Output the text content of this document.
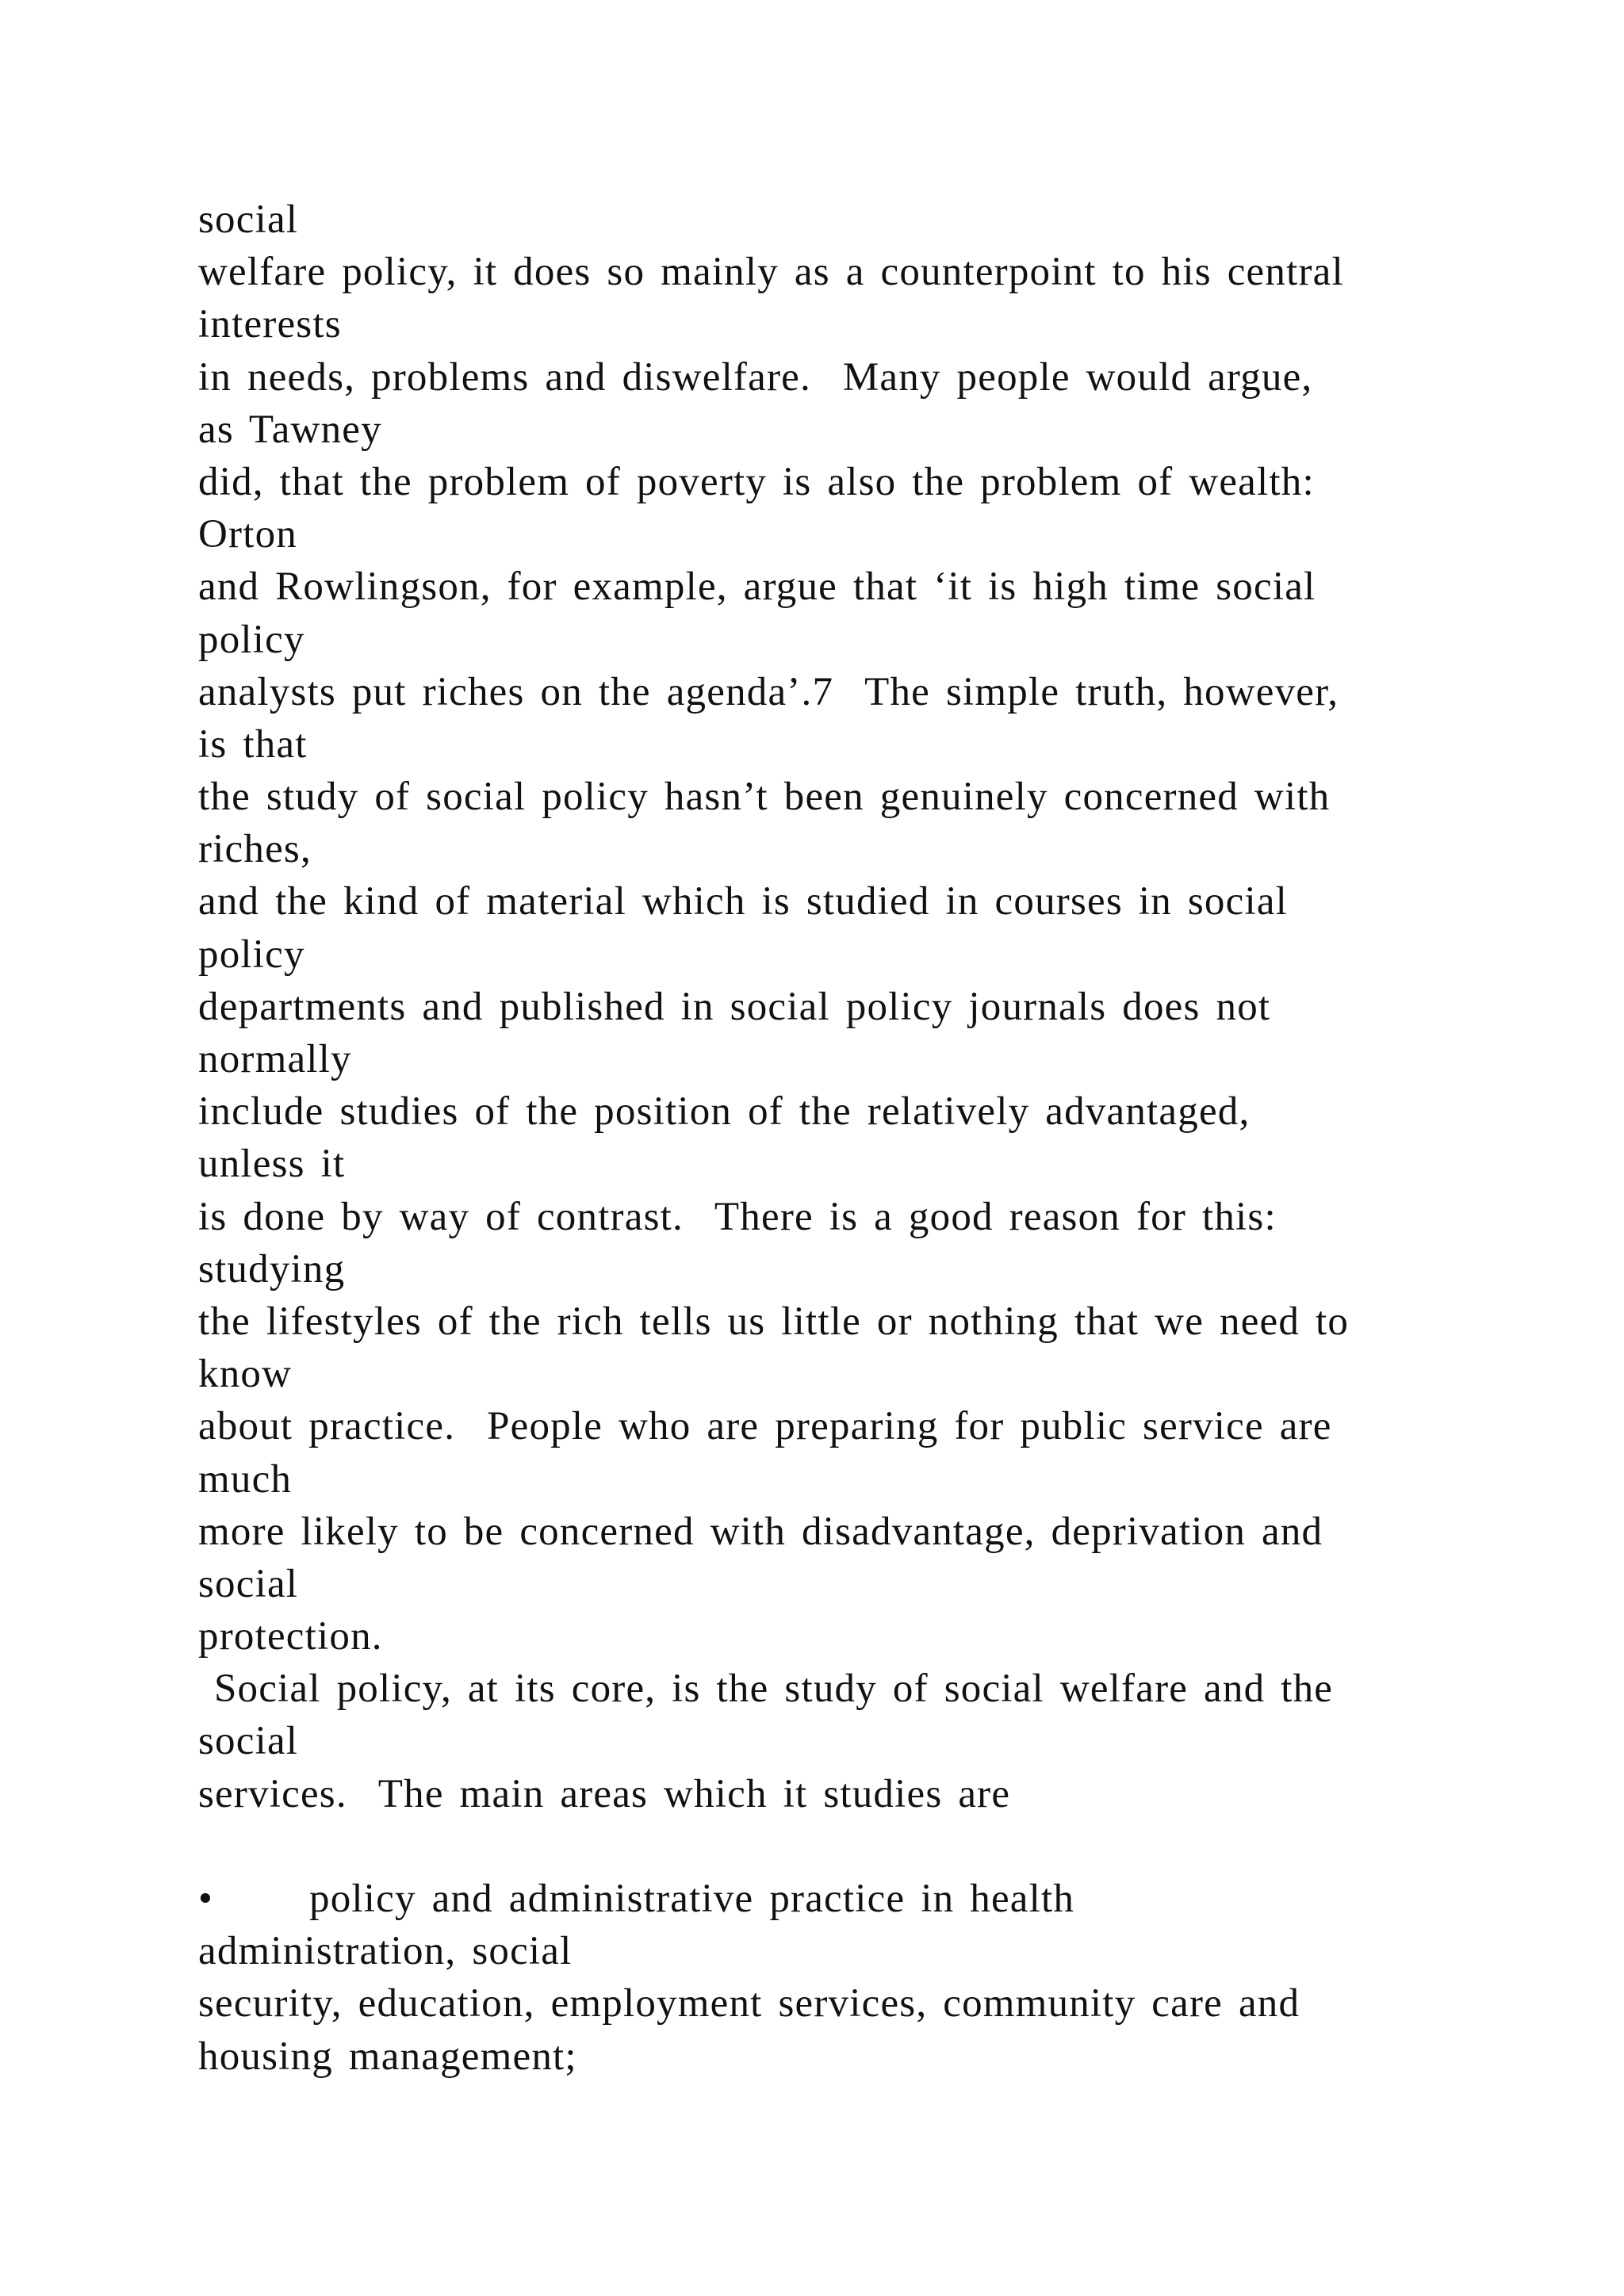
social
welfare policy, it does so mainly as a counterpoint to his central
interests
in needs, problems and diswelfare.  Many people would argue,
as Tawney
did, that the problem of poverty is also the problem of wealth:
Orton
and Rowlingson, for example, argue that ‘it is high time social
policy
analysts put riches on the agenda’.7  The simple truth, however,
is that
the study of social policy hasn’t been genuinely concerned with
riches,
and the kind of material which is studied in courses in social
policy
departments and published in social policy journals does not
normally
include studies of the position of the relatively advantaged,
unless it
is done by way of contrast.  There is a good reason for this:
studying
the lifestyles of the rich tells us little or nothing that we need to
know
about practice.  People who are preparing for public service are
much
more likely to be concerned with disadvantage, deprivation and
social
protection.
Social policy, at its core, is the study of social welfare and the
social
services.  The main areas which it studies are
• policy and administrative practice in health
administration, social
security, education, employment services, community care and
housing management;
